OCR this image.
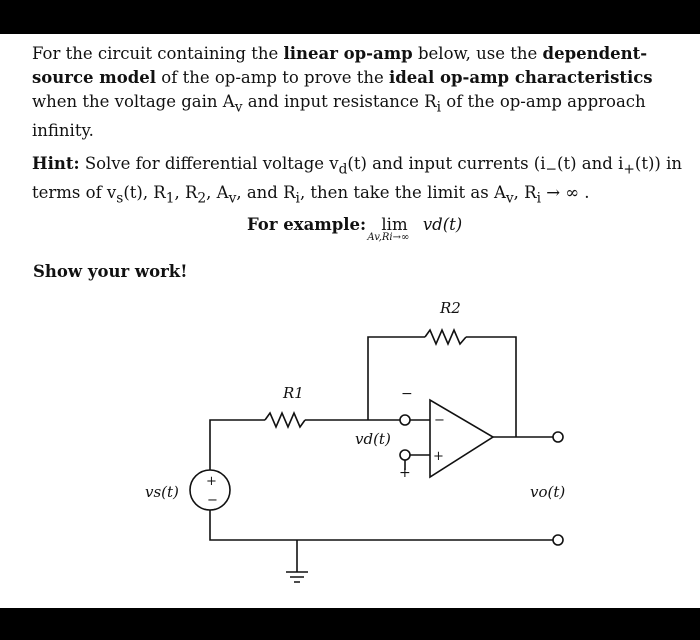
For the circuit containing the linear op-amp below, use the dependent-source model of the op-amp to prove the ideal op-amp characteristics when the voltage gain $A_v$ and input resistance $R_i$ of the op-amp approach infinity.

Hint: Solve for differential voltage $v_d(t)$ and input currents ($i_-(t)$ and $i_+(t)$) in terms of $v_s(t)$, $R_1$, $R_2$, $A_v$, and $R_i$, then take the limit as $A_v$, $R_i$ → ∞ .

For example: lim
Av,Ri→∞
vd(t)
Show your work!
R1
R2
vs(t)
vd(t)
vo(t)
−
+
−
+
+
−
